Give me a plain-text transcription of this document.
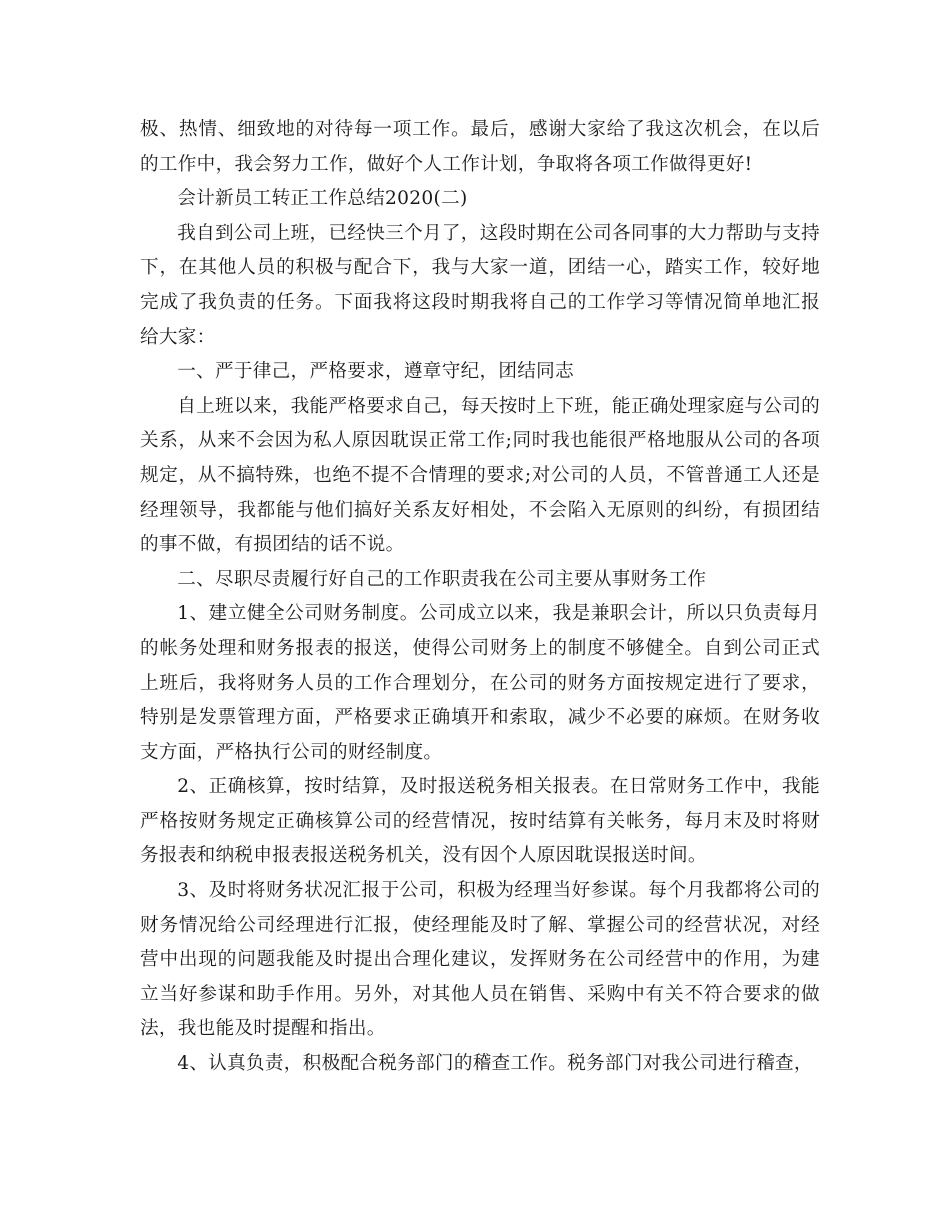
极、热情、细致地的对待每一项工作。最后，感谢大家给了我这次机会，在以后的工作中，我会努力工作，做好个人工作计划，争取将各项工作做得更好!

会计新员工转正工作总结2020(二)

我自到公司上班，已经快三个月了，这段时期在公司各同事的大力帮助与支持下，在其他人员的积极与配合下，我与大家一道，团结一心，踏实工作，较好地完成了我负责的任务。下面我将这段时期我将自己的工作学习等情况简单地汇报给大家：

一、严于律己，严格要求，遵章守纪，团结同志

自上班以来，我能严格要求自己，每天按时上下班，能正确处理家庭与公司的关系，从来不会因为私人原因耽误正常工作;同时我也能很严格地服从公司的各项规定，从不搞特殊，也绝不提不合情理的要求;对公司的人员，不管普通工人还是经理领导，我都能与他们搞好关系友好相处，不会陷入无原则的纠纷，有损团结的事不做，有损团结的话不说。

二、尽职尽责履行好自己的工作职责我在公司主要从事财务工作

1、建立健全公司财务制度。公司成立以来，我是兼职会计，所以只负责每月的帐务处理和财务报表的报送，使得公司财务上的制度不够健全。自到公司正式上班后，我将财务人员的工作合理划分，在公司的财务方面按规定进行了要求，特别是发票管理方面，严格要求正确填开和索取，减少不必要的麻烦。在财务收支方面，严格执行公司的财经制度。

2、正确核算，按时结算，及时报送税务相关报表。在日常财务工作中，我能严格按财务规定正确核算公司的经营情况，按时结算有关帐务，每月末及时将财务报表和纳税申报表报送税务机关，没有因个人原因耽误报送时间。

3、及时将财务状况汇报于公司，积极为经理当好参谋。每个月我都将公司的财务情况给公司经理进行汇报，使经理能及时了解、掌握公司的经营状况，对经营中出现的问题我能及时提出合理化建议，发挥财务在公司经营中的作用，为建立当好参谋和助手作用。另外，对其他人员在销售、采购中有关不符合要求的做法，我也能及时提醒和指出。

4、认真负责，积极配合税务部门的稽查工作。税务部门对我公司进行稽查，
